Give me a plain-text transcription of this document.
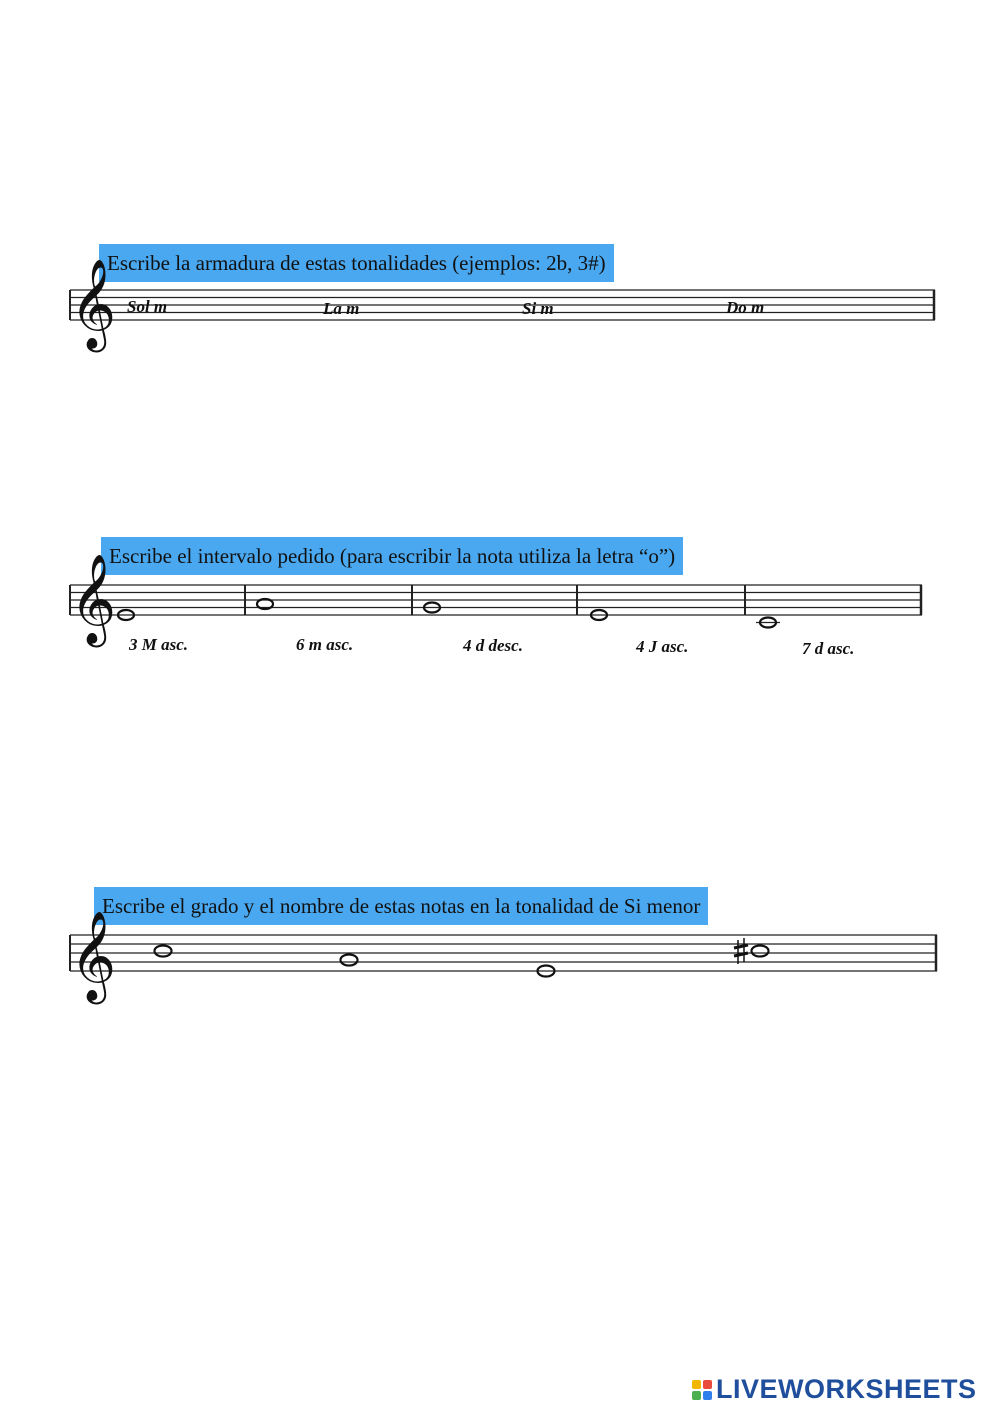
Escribe la armadura de estas tonalidades (ejemplos: 2b, 3#)
𝄞 Sol m	La m	Si m	Do m
Escribe el intervalo pedido (para escribir la nota utiliza la letra “o”)
𝄞
3 M asc.	6 m asc.	4 d desc.	4 J asc.	7 d asc.
Escribe el grado y el nombre de estas notas en la tonalidad de Si menor
𝄞
LIVEWORKSHEETS
